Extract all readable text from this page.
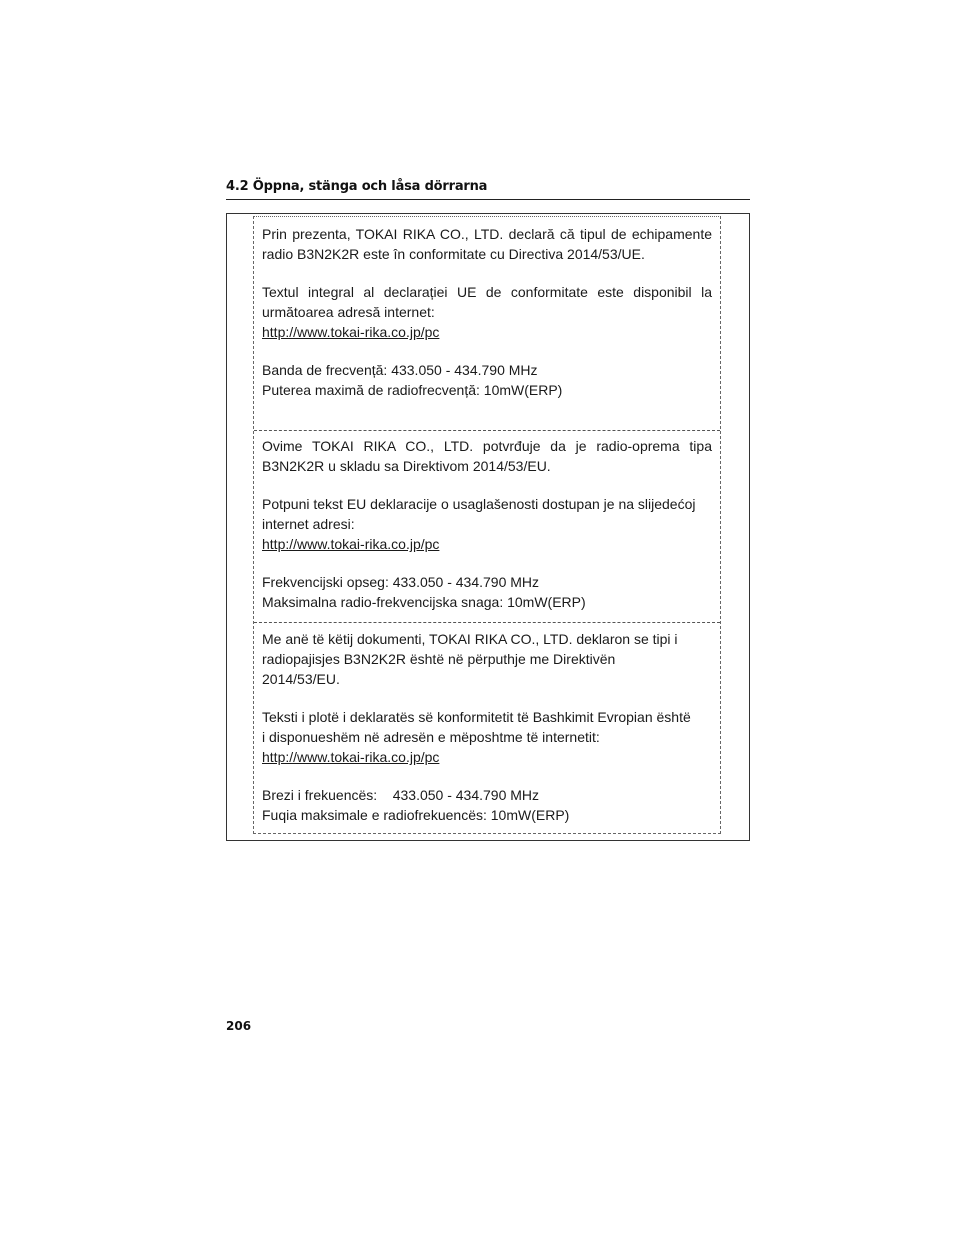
4.2 Öppna, stänga och låsa dörrarna

Prin prezenta, TOKAI RIKA CO., LTD. declară că tipul de echipamente radio B3N2K2R este în conformitate cu Directiva 2014/53/UE.

Textul integral al declarației UE de conformitate este disponibil la următoarea adresă internet:

http://www.tokai-rika.co.jp/pc

Banda de frecvență: 433.050 - 434.790 MHz

Puterea maximă de radiofrecvență: 10mW(ERP)

Ovime TOKAI RIKA CO., LTD. potvrđuje da je radio-oprema tipa B3N2K2R u skladu sa Direktivom 2014/53/EU.

Potpuni tekst EU deklaracije o usaglašenosti dostupan je na slijedećoj internet adresi:

http://www.tokai-rika.co.jp/pc

Frekvencijski opseg: 433.050 - 434.790 MHz

Maksimalna radio-frekvencijska snaga: 10mW(ERP)

Me anë të këtij dokumenti, TOKAI RIKA CO., LTD. deklaron se tipi i

radiopajisjes B3N2K2R është në përputhje me Direktivën

2014/53/EU.

Teksti i plotë i deklaratës së konformitetit të Bashkimit Evropian është

i disponueshëm në adresën e mëposhtme të internetit:

http://www.tokai-rika.co.jp/pc

Brezi i frekuencës:    433.050 - 434.790 MHz

Fuqia maksimale e radiofrekuencës: 10mW(ERP)

206
